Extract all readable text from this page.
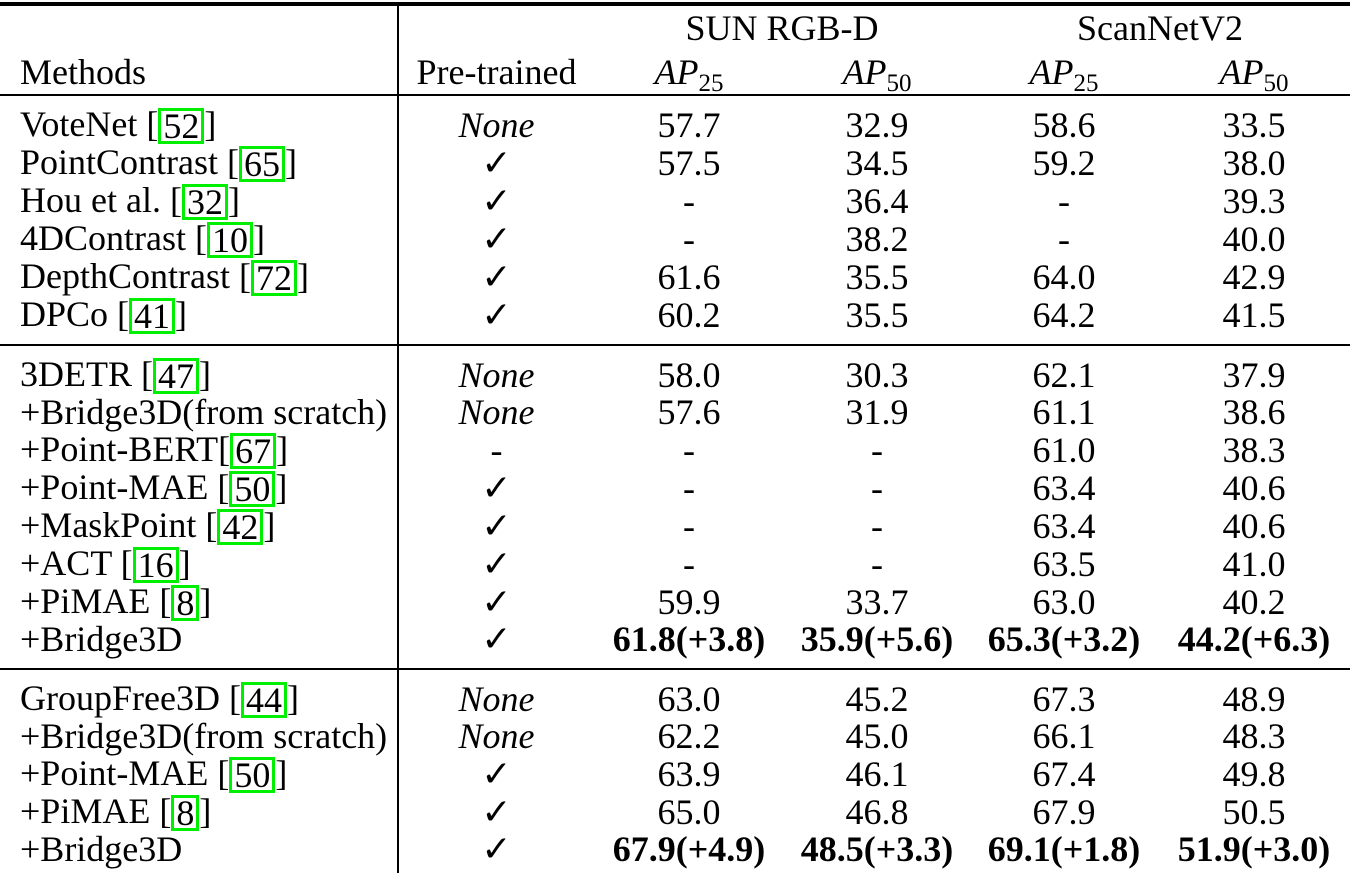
		SUN RGB-D		ScanNetV2	
Methods	Pre-trained	AP25	AP50	AP25	AP50
VoteNet [ 52 ]	None	57.7	32.9	58.6	33.5
PointContrast [ 65 ]	✓	57.5	34.5	59.2	38.0
Hou et al. [ 32 ]	✓	-	36.4	-	39.3
4DContrast [ 10 ]	✓	-	38.2	-	40.0
DepthContrast [ 72 ]	✓	61.6	35.5	64.0	42.9
DPCo [ 41 ]	✓	60.2	35.5	64.2	41.5
3DETR [ 47 ]	None	58.0	30.3	62.1	37.9
+Bridge3D(from scratch)	None	57.6	31.9	61.1	38.6
+Point-BERT[ 67 ]	-	-	-	61.0	38.3
+Point-MAE [ 50 ]	✓	-	-	63.4	40.6
+MaskPoint [ 42 ]	✓	-	-	63.4	40.6
+ACT [ 16 ]	✓	-	-	63.5	41.0
+PiMAE [ 8 ]	✓	59.9	33.7	63.0	40.2
+Bridge3D	✓	61.8(+3.8)	35.9(+5.6)	65.3(+3.2)	44.2(+6.3)
GroupFree3D [ 44 ]	None	63.0	45.2	67.3	48.9
+Bridge3D(from scratch)	None	62.2	45.0	66.1	48.3
+Point-MAE [ 50 ]	✓	63.9	46.1	67.4	49.8
+PiMAE [ 8 ]	✓	65.0	46.8	67.9	50.5
+Bridge3D	✓	67.9(+4.9)	48.5(+3.3)	69.1(+1.8)	51.9(+3.0)
